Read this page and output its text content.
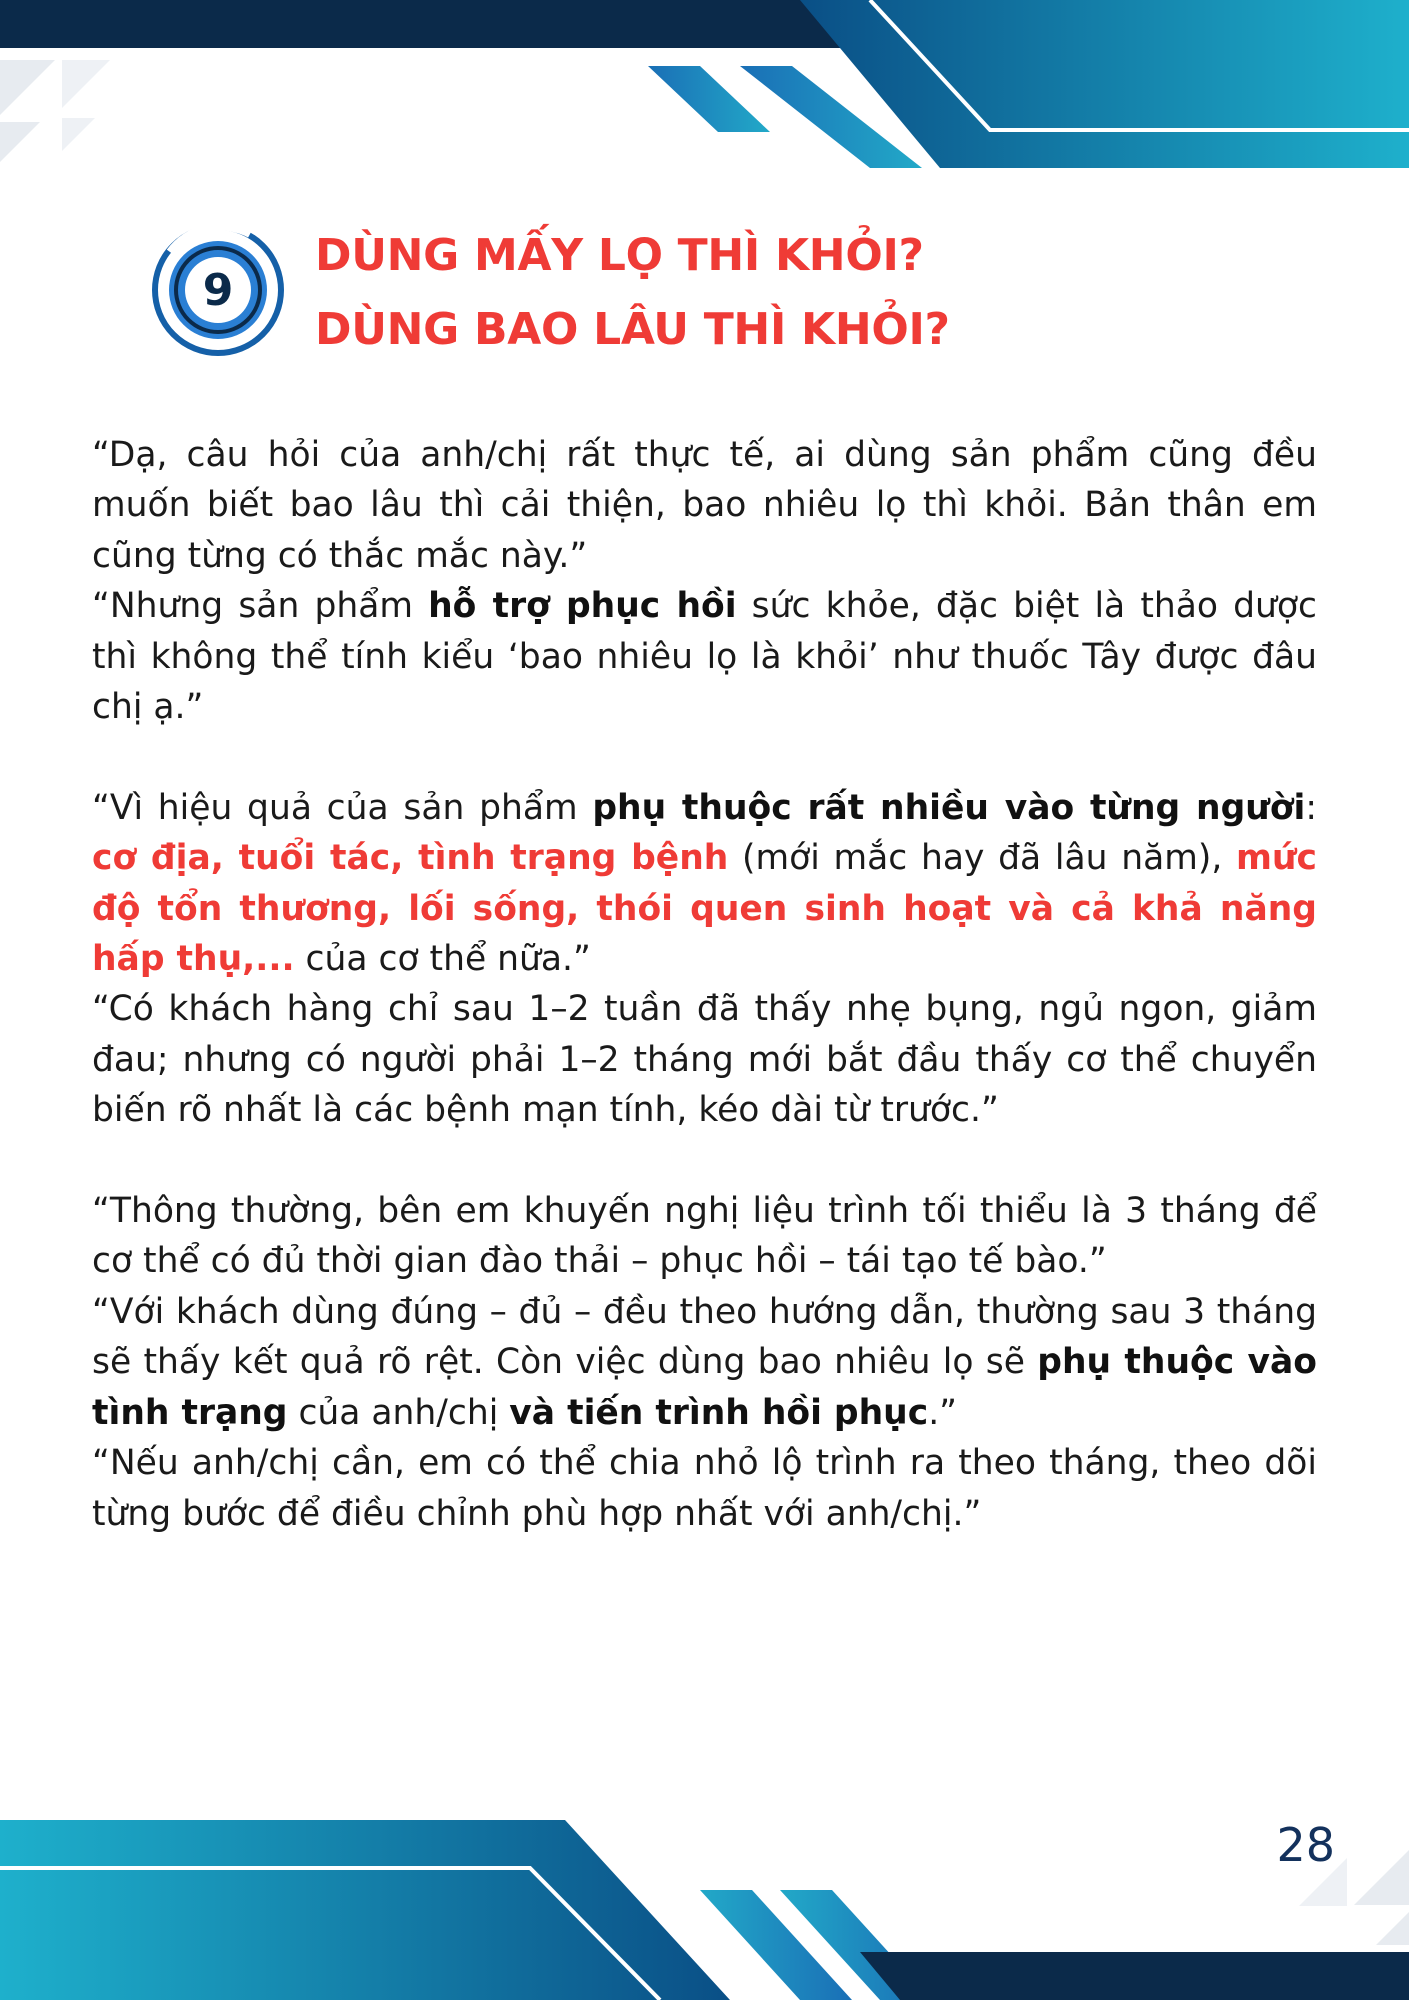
9
DÙNG MẤY LỌ THÌ KHỎI?
DÙNG BAO LÂU THÌ KHỎI?

“Dạ, câu hỏi của anh/chị rất thực tế, ai dùng sản phẩm cũng đều muốn biết bao lâu thì cải thiện, bao nhiêu lọ thì khỏi. Bản thân em cũng từng có thắc mắc này.”

“Nhưng sản phẩm hỗ trợ phục hồi sức khỏe, đặc biệt là thảo dược thì không thể tính kiểu ‘bao nhiêu lọ là khỏi’ như thuốc Tây được đâu chị ạ.”

“Vì hiệu quả của sản phẩm phụ thuộc rất nhiều vào từng người: cơ địa, tuổi tác, tình trạng bệnh (mới mắc hay đã lâu năm), mức độ tổn thương, lối sống, thói quen sinh hoạt và cả khả năng hấp thụ,... của cơ thể nữa.”

“Có khách hàng chỉ sau 1–2 tuần đã thấy nhẹ bụng, ngủ ngon, giảm đau; nhưng có người phải 1–2 tháng mới bắt đầu thấy cơ thể chuyển biến rõ nhất là các bệnh mạn tính, kéo dài từ trước.”

“Thông thường, bên em khuyến nghị liệu trình tối thiểu là 3 tháng để cơ thể có đủ thời gian đào thải – phục hồi – tái tạo tế bào.”

“Với khách dùng đúng – đủ – đều theo hướng dẫn, thường sau 3 tháng sẽ thấy kết quả rõ rệt. Còn việc dùng bao nhiêu lọ sẽ phụ thuộc vào tình trạng của anh/chị và tiến trình hồi phục.”

“Nếu anh/chị cần, em có thể chia nhỏ lộ trình ra theo tháng, theo dõi từng bước để điều chỉnh phù hợp nhất với anh/chị.”

28
